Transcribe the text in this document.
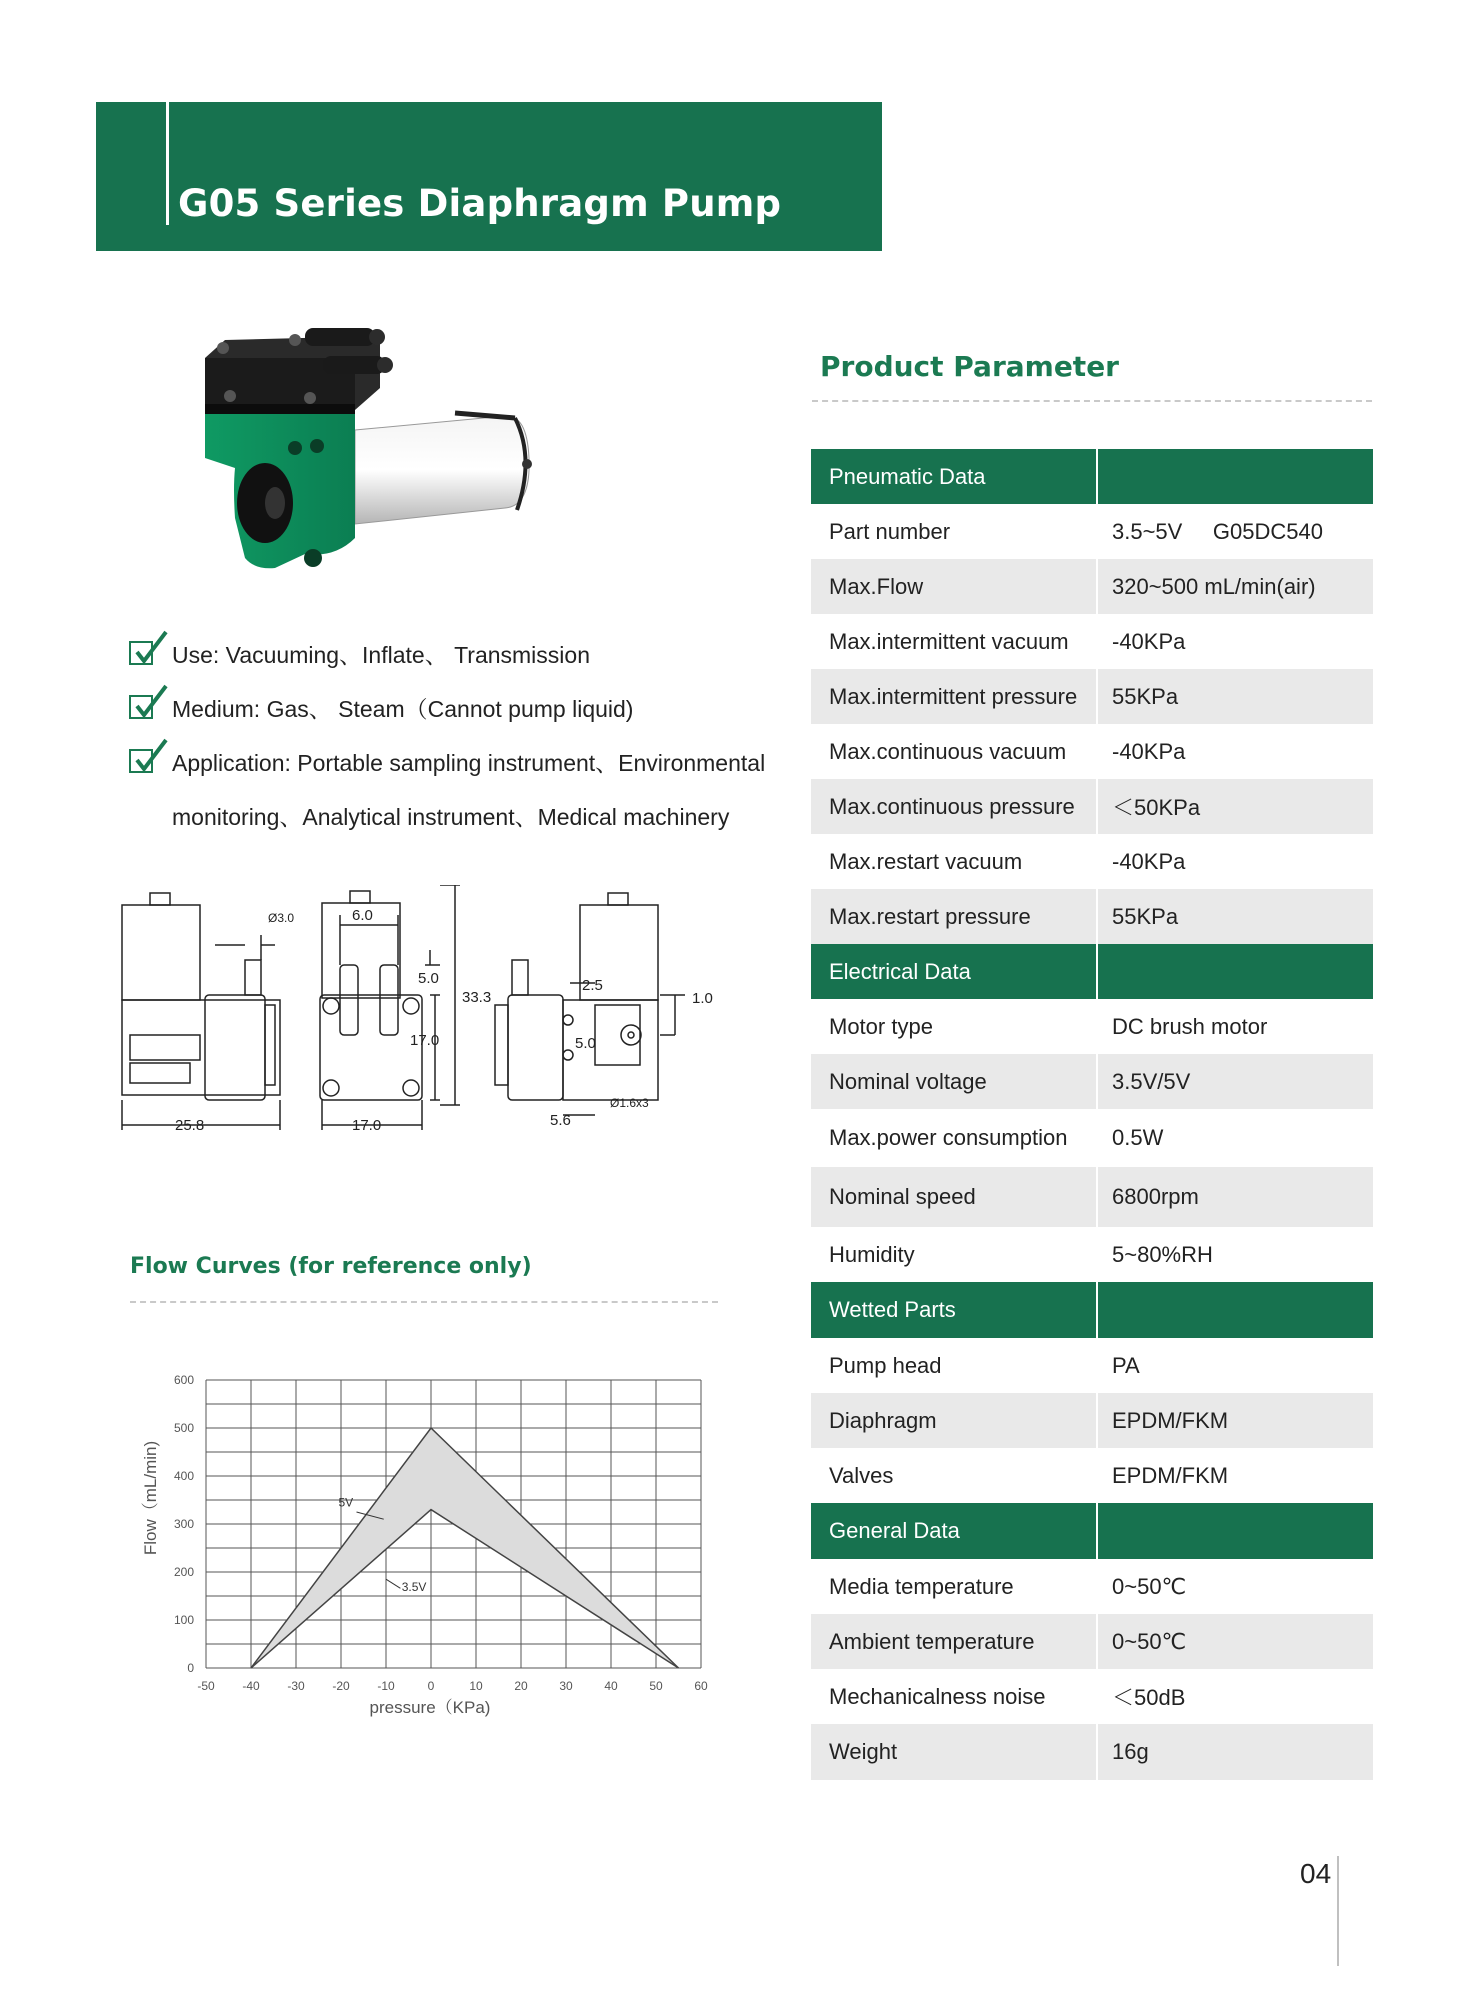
G05 Series Diaphragm Pump
Use: Vacuuming、Inflate、 Transmission
Medium: Gas、 Steam（Cannot pump liquid)
Application: Portable sampling instrument、Environmental
monitoring、Analytical instrument、Medical machinery
Ø3.0	6.0
5.0
33.3
17.0
2.5
1.0
5.0
25.8	17.0	5.6
Ø1.6x3
Flow Curves (for reference only)
-50 -40 -30 -20 -10	0	10	20	30	40	50	60
0
100
200
300
400
500
600
5V
3.5V
pressure（KPa)
Flow（mL/min)
Product Parameter
Pneumatic Data
Part number	3.5~5V     G05DC540
Max.Flow	320~500 mL/min(air)
Max.intermittent vacuum	-40KPa
Max.intermittent pressure	55KPa
Max.continuous vacuum	-40KPa
Max.continuous pressure	＜50KPa
Max.restart vacuum	-40KPa
Max.restart pressure	55KPa
Electrical Data
Motor type	DC brush motor
Nominal voltage	3.5V/5V
Max.power consumption	0.5W
Nominal speed	6800rpm
Humidity	5~80%RH
Wetted Parts
Pump head	PA
Diaphragm	EPDM/FKM
Valves	EPDM/FKM
General Data
Media temperature	0~50℃
Ambient temperature	0~50℃
Mechanicalness noise	＜50dB
Weight	16g
04
